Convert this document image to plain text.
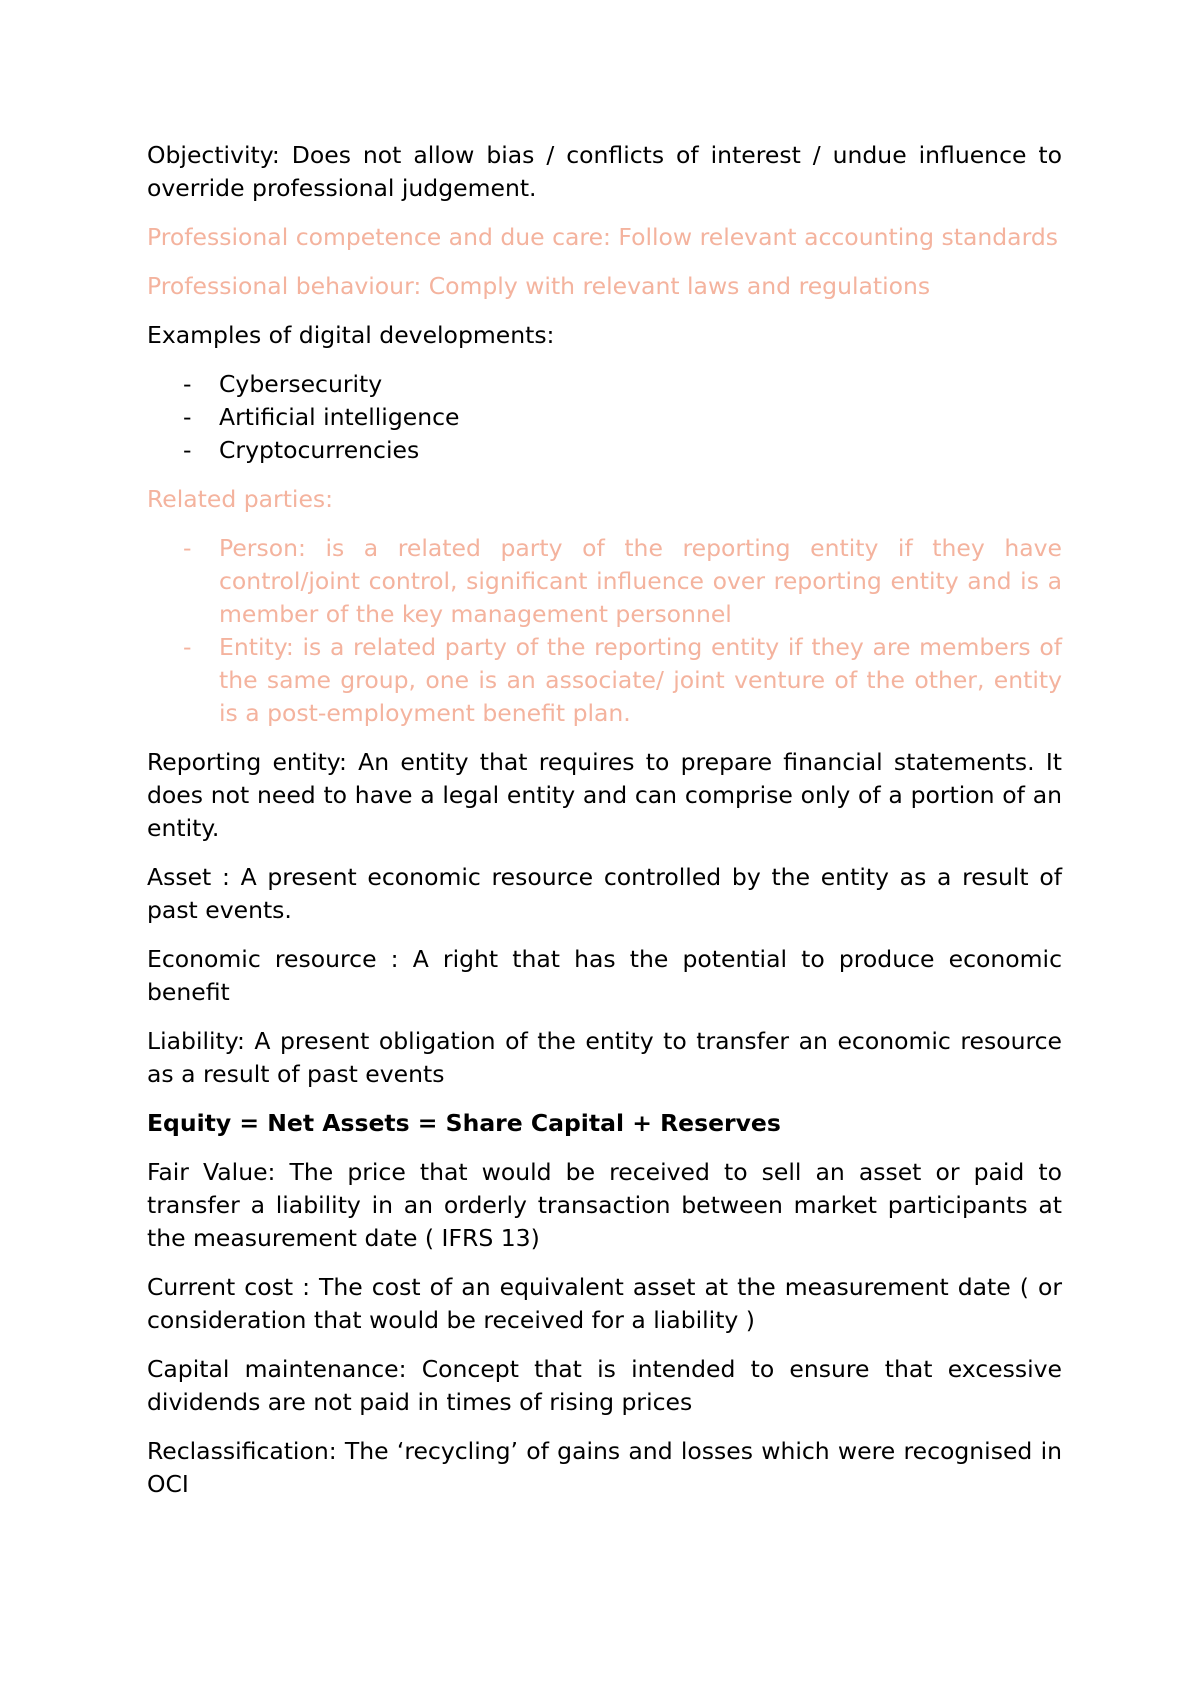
Objectivity: Does not allow bias / conflicts of interest / undue influence to override professional judgement.

Professional competence and due care: Follow relevant accounting standards

Professional behaviour: Comply with relevant laws and regulations

Examples of digital developments:

- Cybersecurity
- Artificial intelligence
- Cryptocurrencies

Related parties:

- Person: is a related party of the reporting entity if they have control/joint control, significant influence over reporting entity and is a member of the key management personnel
- Entity: is a related party of the reporting entity if they are members of the same group, one is an associate/ joint venture of the other, entity is a post-employment benefit plan.

Reporting entity: An entity that requires to prepare financial statements. It does not need to have a legal entity and can comprise only of a portion of an entity.

Asset : A present economic resource controlled by the entity as a result of past events.

Economic resource : A right that has the potential to produce economic benefit

Liability: A present obligation of the entity to transfer an economic resource as a result of past events

Equity = Net Assets = Share Capital + Reserves

Fair Value: The price that would be received to sell an asset or paid to transfer a liability in an orderly transaction between market participants at the measurement date ( IFRS 13)

Current cost : The cost of an equivalent asset at the measurement date ( or consideration that would be received for a liability )

Capital maintenance: Concept that is intended to ensure that excessive dividends are not paid in times of rising prices

Reclassification: The ‘recycling’ of gains and losses which were recognised in OCI
